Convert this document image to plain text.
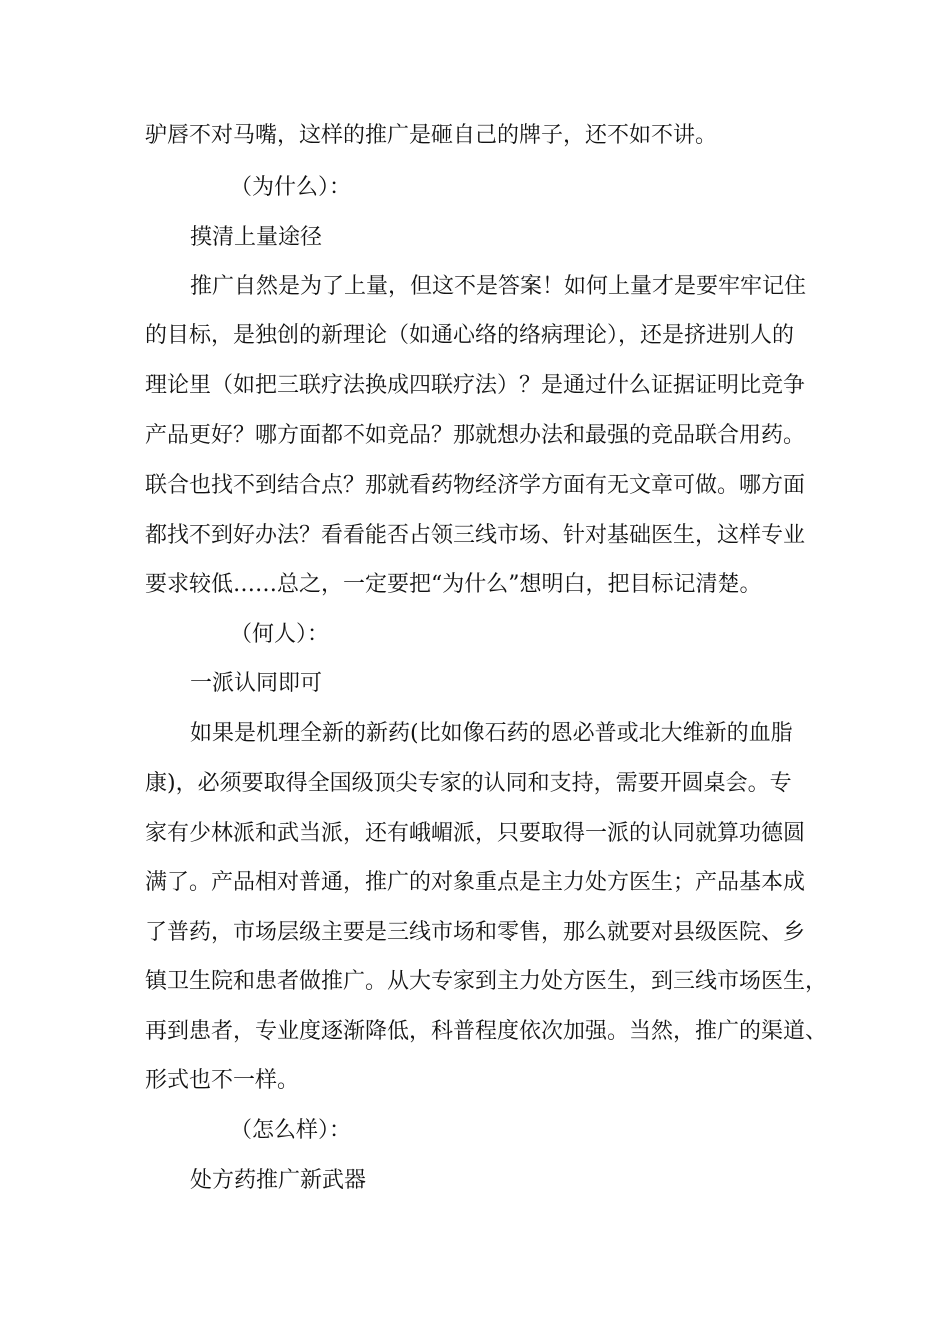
驴唇不对马嘴，这样的推广是砸自己的牌子，还不如不讲。
（为什么）：
摸清上量途径
推广自然是为了上量，但这不是答案！如何上量才是要牢牢记住
的目标，是独创的新理论（如通心络的络病理论），还是挤进别人的
理论里（如把三联疗法换成四联疗法）？是通过什么证据证明比竞争
产品更好？哪方面都不如竞品？那就想办法和最强的竞品联合用药。
联合也找不到结合点？那就看药物经济学方面有无文章可做。哪方面
都找不到好办法？看看能否占领三线市场、针对基础医生，这样专业
要求较低……总之，一定要把“为什么”想明白，把目标记清楚。
（何人）：
一派认同即可
如果是机理全新的新药(比如像石药的恩必普或北大维新的血脂
康)，必须要取得全国级顶尖专家的认同和支持，需要开圆桌会。专
家有少林派和武当派，还有峨嵋派，只要取得一派的认同就算功德圆
满了。产品相对普通，推广的对象重点是主力处方医生；产品基本成
了普药，市场层级主要是三线市场和零售，那么就要对县级医院、乡
镇卫生院和患者做推广。从大专家到主力处方医生，到三线市场医生，
再到患者，专业度逐渐降低，科普程度依次加强。当然，推广的渠道、
形式也不一样。
（怎么样）：
处方药推广新武器
